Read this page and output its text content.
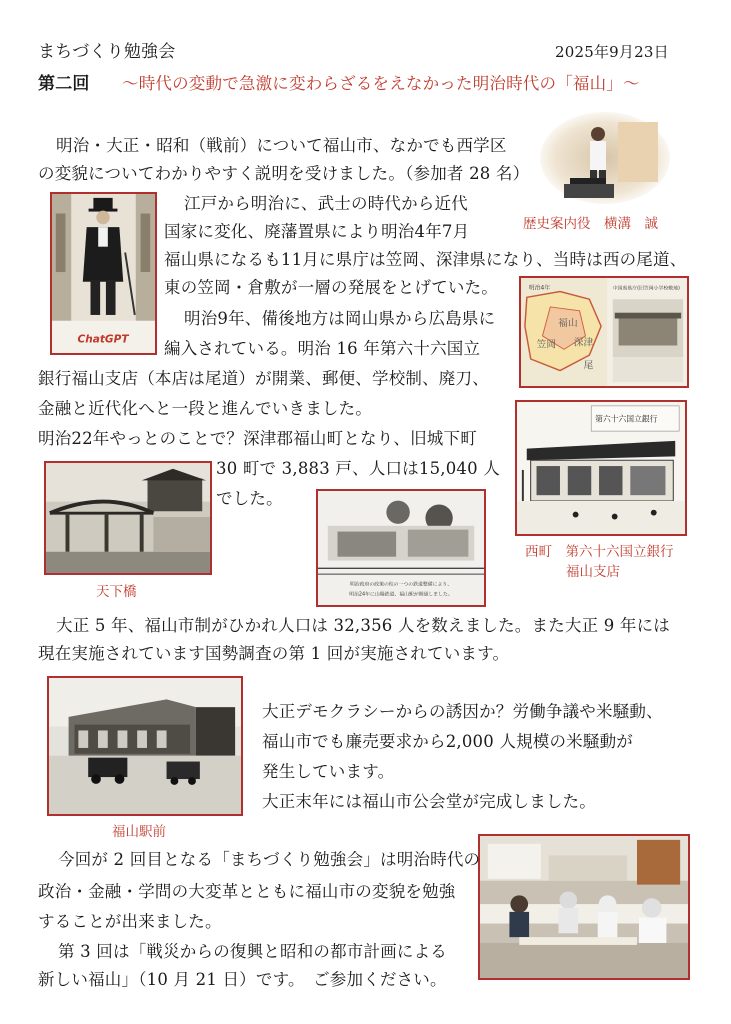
まちづくり勉強会	2025年9月23日
第二回 ～時代の変動で急激に変わらざるをえなかった明治時代の「福山」～
明治・大正・昭和（戦前）について福山市、なかでも西学区
の変貌についてわかりやすく説明を受けました。（参加者 28 名）
歴史案内役　横溝　誠
ChatGPT
江戸から明治に、武士の時代から近代
国家に変化、廃藩置県により明治4年7月
福山県になるも11月に県庁は笠岡、深津県になり、当時は西の尾道、
東の笠岡・倉敷が一層の発展をとげていた。
明治9年、備後地方は岡山県から広島県に
編入されている。明治 16 年第六十六国立
銀行福山支店（本店は尾道）が開業、郵便、学校制、廃刀、
金融と近代化へと一段と進んでいきました。
明治22年やっとのことで？深津郡福山町となり、旧城下町
30 町で 3,883 戸、人口は15,040 人
でした。
明治4年
福山
笠岡 深津
尾
中国県県庁(旧笠岡小学校敷地)
第六十六国立銀行
西町　第六十六国立銀行
福山支店
天下橋	明治政府の政策の柱の一つの鉄道整備により、
明治24年に山陽鉄道、福山駅が開通しました。
大正 5 年、福山市制がひかれ人口は 32,356 人を数えました。また大正 9 年には
現在実施されています国勢調査の第 1 回が実施されています。
福山駅前
大正デモクラシーからの誘因か？労働争議や米騒動、
福山市でも廉売要求から2,000 人規模の米騒動が
発生しています。
大正末年には福山市公会堂が完成しました。
今回が 2 回目となる「まちづくり勉強会」は明治時代の
政治・金融・学問の大変革とともに福山市の変貌を勉強
することが出来ました。
第 3 回は「戦災からの復興と昭和の都市計画による
新しい福山」（10 月 21 日）です。　ご参加ください。
